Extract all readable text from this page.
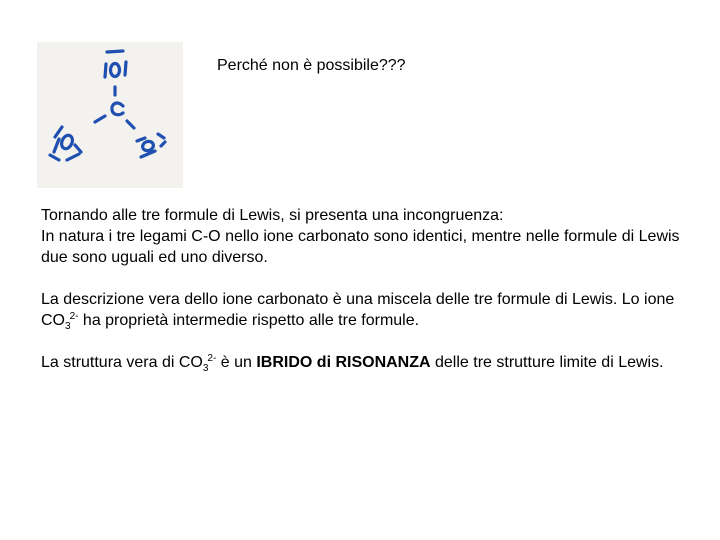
Perché non è possibile???

Tornando alle tre formule di Lewis, si presenta una incongruenza:
In natura i tre legami C-O nello ione carbonato sono identici, mentre nelle formule di Lewis due sono uguali ed uno diverso.

La descrizione vera dello ione carbonato è una miscela delle tre formule di Lewis. Lo ione $CO_3^{2-}$ ha proprietà intermedie rispetto alle tre formule.

La struttura vera di $CO_3^{2-}$ è un IBRIDO di RISONANZA delle tre strutture limite di Lewis.
